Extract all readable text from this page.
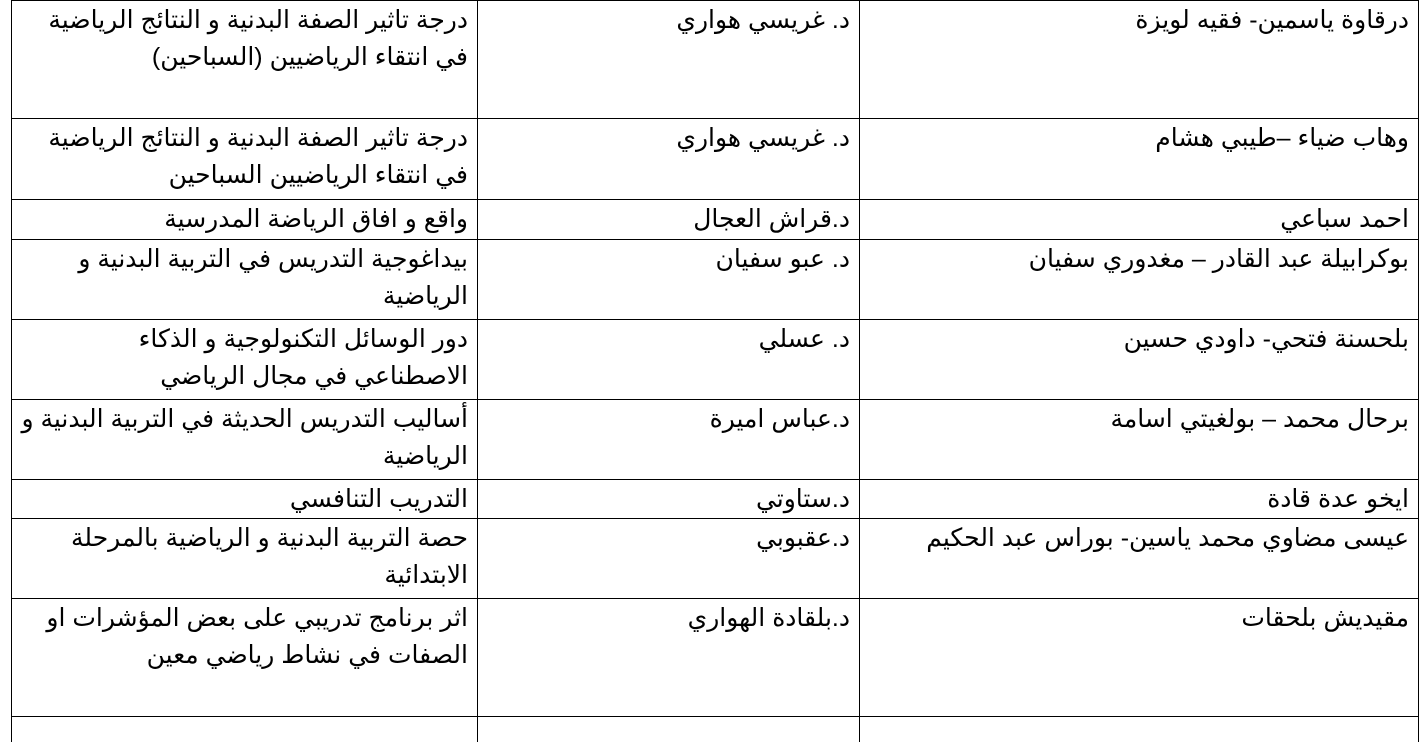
درجة تاثير الصفة البدنية و النتائج الرياضية في انتقاء الرياضيين (السباحين)	د. غريسي هواري	درقاوة ياسمين- فقيه لويزة
درجة تاثير الصفة البدنية و النتائج الرياضية في انتقاء الرياضيين السباحين	د. غريسي هواري	وهاب ضياء –طيبي هشام
واقع و افاق الرياضة المدرسية	د.قراش العجال	احمد سباعي
بيداغوجية التدريس في التربية البدنية و الرياضية	د. عبو سفيان	بوكرابيلة عبد القادر – مغدوري سفيان
دور الوسائل التكنولوجية و الذكاء الاصطناعي في مجال الرياضي	د. عسلي	بلحسنة فتحي- داودي حسين
أساليب التدريس الحديثة في التربية البدنية و الرياضية	د.عباس اميرة	برحال محمد – بولغيتي اسامة
التدريب التنافسي	د.ستاوتي	ايخو عدة قادة
حصة التربية البدنية و الرياضية بالمرحلة الابتدائية	د.عقبوبي	عيسى مضاوي محمد ياسين- بوراس عبد الحكيم
اثر برنامج تدريبي على بعض المؤشرات او الصفات في نشاط رياضي معين	د.بلقادة الهواري	مقيديش بلحقات
